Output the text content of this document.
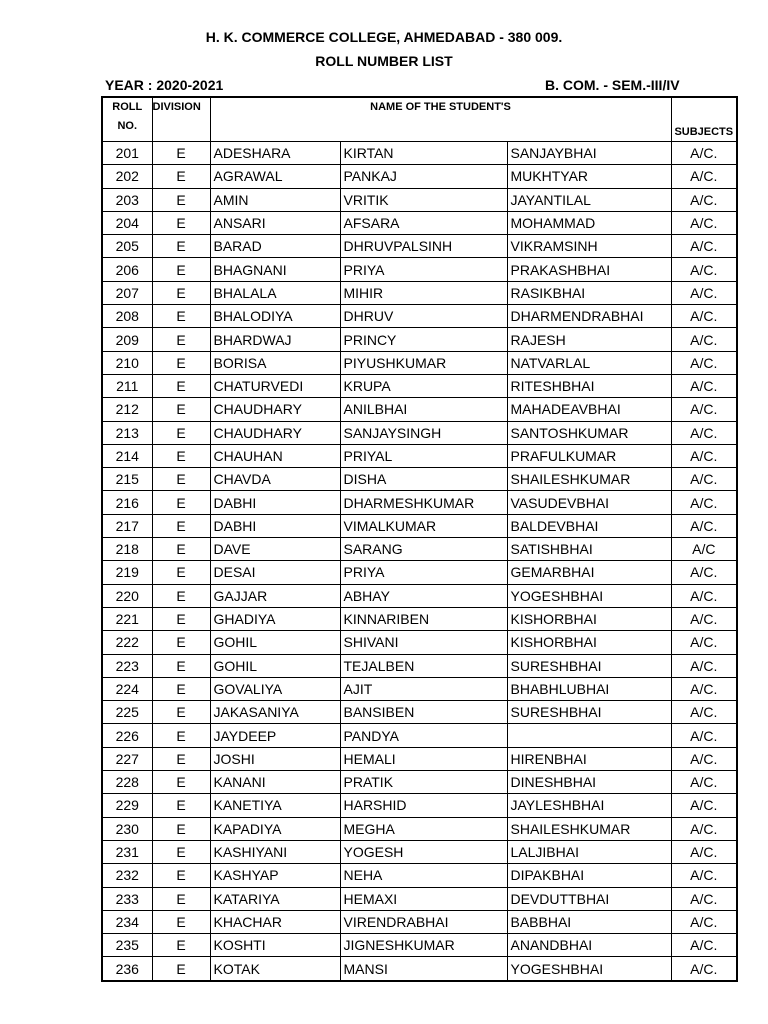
H. K. COMMERCE COLLEGE, AHMEDABAD - 380 009.
ROLL NUMBER LIST
YEAR : 2020-2021	B. COM. - SEM.-III/IV
ROLL
NO.	DIVISION	NAME OF THE STUDENT'S			SUBJECTS
201	E	ADESHARA	KIRTAN	SANJAYBHAI	A/C.
202	E	AGRAWAL	PANKAJ	MUKHTYAR	A/C.
203	E	AMIN	VRITIK	JAYANTILAL	A/C.
204	E	ANSARI	AFSARA	MOHAMMAD	A/C.
205	E	BARAD	DHRUVPALSINH	VIKRAMSINH	A/C.
206	E	BHAGNANI	PRIYA	PRAKASHBHAI	A/C.
207	E	BHALALA	MIHIR	RASIKBHAI	A/C.
208	E	BHALODIYA	DHRUV	DHARMENDRABHAI	A/C.
209	E	BHARDWAJ	PRINCY	RAJESH	A/C.
210	E	BORISA	PIYUSHKUMAR	NATVARLAL	A/C.
211	E	CHATURVEDI	KRUPA	RITESHBHAI	A/C.
212	E	CHAUDHARY	ANILBHAI	MAHADEAVBHAI	A/C.
213	E	CHAUDHARY	SANJAYSINGH	SANTOSHKUMAR	A/C.
214	E	CHAUHAN	PRIYAL	PRAFULKUMAR	A/C.
215	E	CHAVDA	DISHA	SHAILESHKUMAR	A/C.
216	E	DABHI	DHARMESHKUMAR	VASUDEVBHAI	A/C.
217	E	DABHI	VIMALKUMAR	BALDEVBHAI	A/C.
218	E	DAVE	SARANG	SATISHBHAI	A/C
219	E	DESAI	PRIYA	GEMARBHAI	A/C.
220	E	GAJJAR	ABHAY	YOGESHBHAI	A/C.
221	E	GHADIYA	KINNARIBEN	KISHORBHAI	A/C.
222	E	GOHIL	SHIVANI	KISHORBHAI	A/C.
223	E	GOHIL	TEJALBEN	SURESHBHAI	A/C.
224	E	GOVALIYA	AJIT	BHABHLUBHAI	A/C.
225	E	JAKASANIYA	BANSIBEN	SURESHBHAI	A/C.
226	E	JAYDEEP	PANDYA		A/C.
227	E	JOSHI	HEMALI	HIRENBHAI	A/C.
228	E	KANANI	PRATIK	DINESHBHAI	A/C.
229	E	KANETIYA	HARSHID	JAYLESHBHAI	A/C.
230	E	KAPADIYA	MEGHA	SHAILESHKUMAR	A/C.
231	E	KASHIYANI	YOGESH	LALJIBHAI	A/C.
232	E	KASHYAP	NEHA	DIPAKBHAI	A/C.
233	E	KATARIYA	HEMAXI	DEVDUTTBHAI	A/C.
234	E	KHACHAR	VIRENDRABHAI	BABBHAI	A/C.
235	E	KOSHTI	JIGNESHKUMAR	ANANDBHAI	A/C.
236	E	KOTAK	MANSI	YOGESHBHAI	A/C.
